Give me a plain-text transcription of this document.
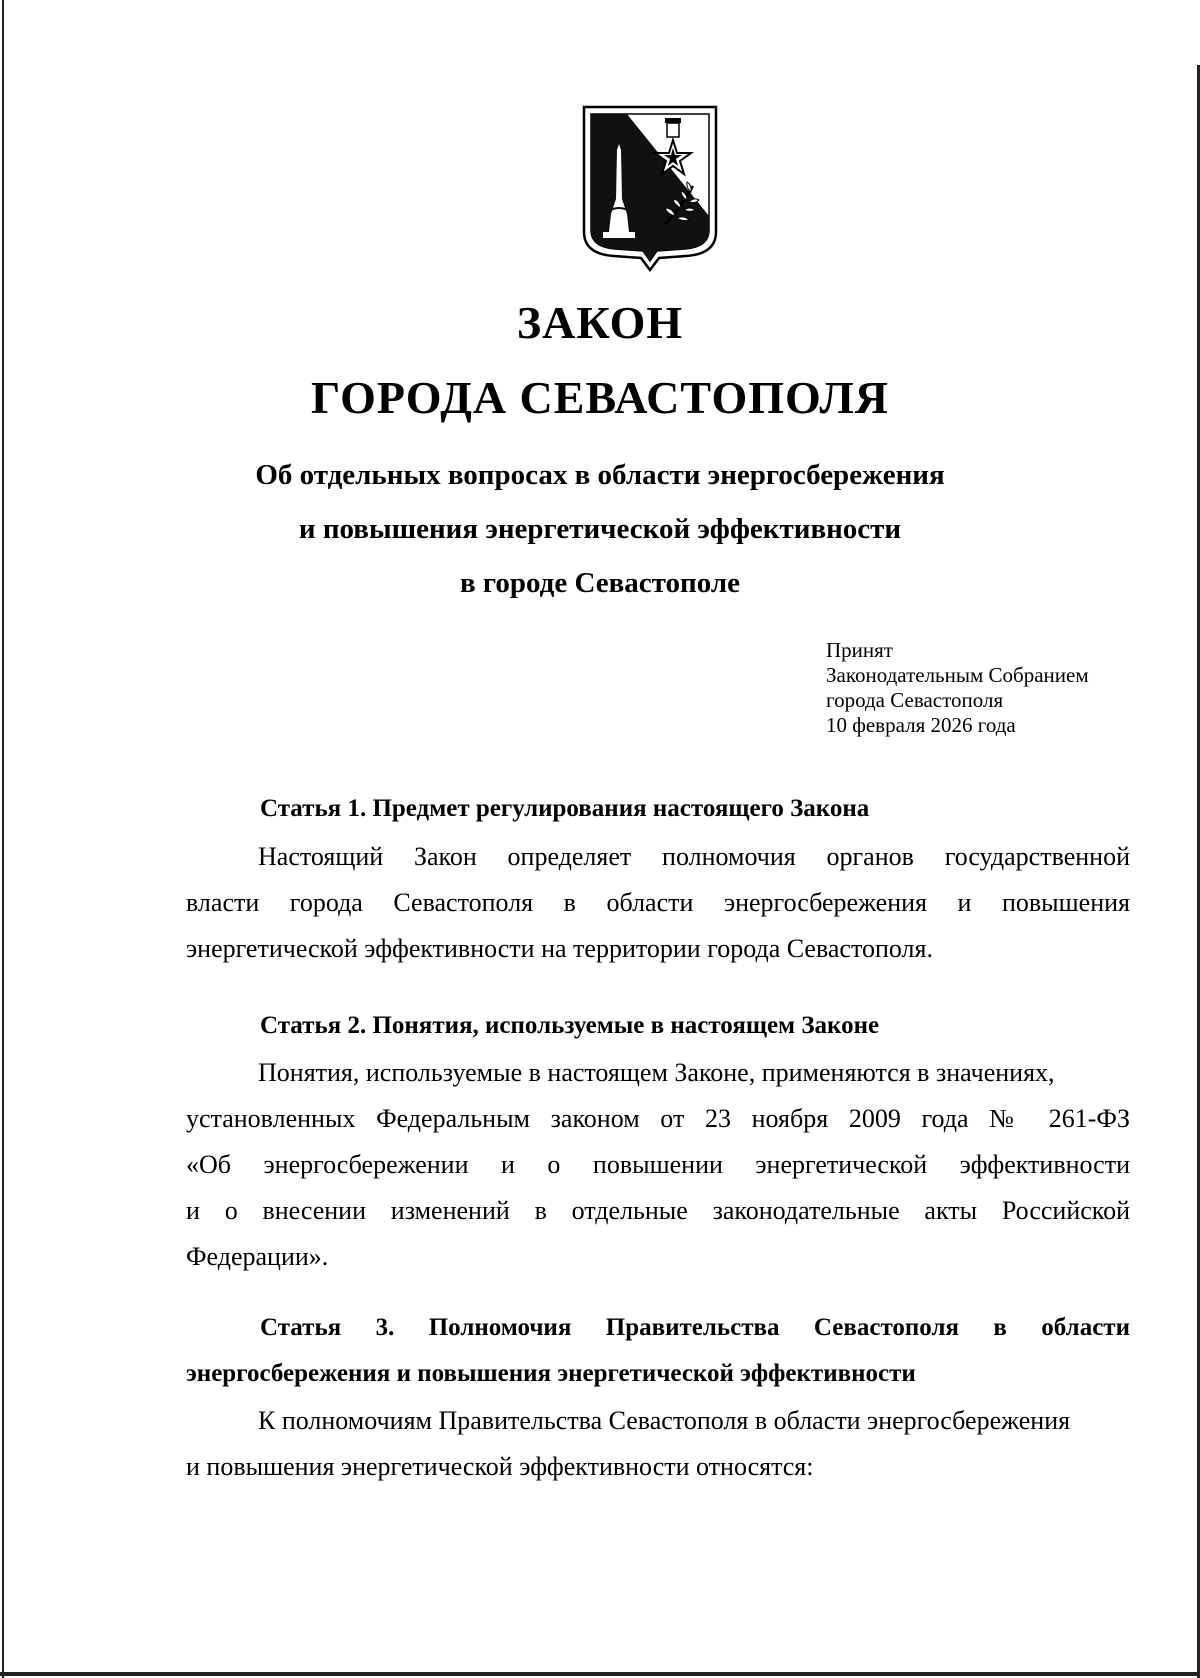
ЗАКОН
ГОРОДА СЕВАСТОПОЛЯ
Об отдельных вопросах в области энергосбережения
и повышения энергетической эффективности
в городе Севастополе
Принят
Законодательным Собранием
города Севастополя
10 февраля 2026 года
Статья 1. Предмет регулирования настоящего Закона
Настоящий Закон определяет полномочия органов государственной
власти города Севастополя в области энергосбережения и повышения
энергетической эффективности на территории города Севастополя.
Статья 2. Понятия, используемые в настоящем Законе
Понятия, используемые в настоящем Законе, применяются в значениях,
установленных Федеральным законом от 23 ноября 2009 года № 261-ФЗ
«Об энергосбережении и о повышении энергетической эффективности
и о внесении изменений в отдельные законодательные акты Российской
Федерации».
Статья 3. Полномочия Правительства Севастополя в области
энергосбережения и повышения энергетической эффективности
К полномочиям Правительства Севастополя в области энергосбережения
и повышения энергетической эффективности относятся:
